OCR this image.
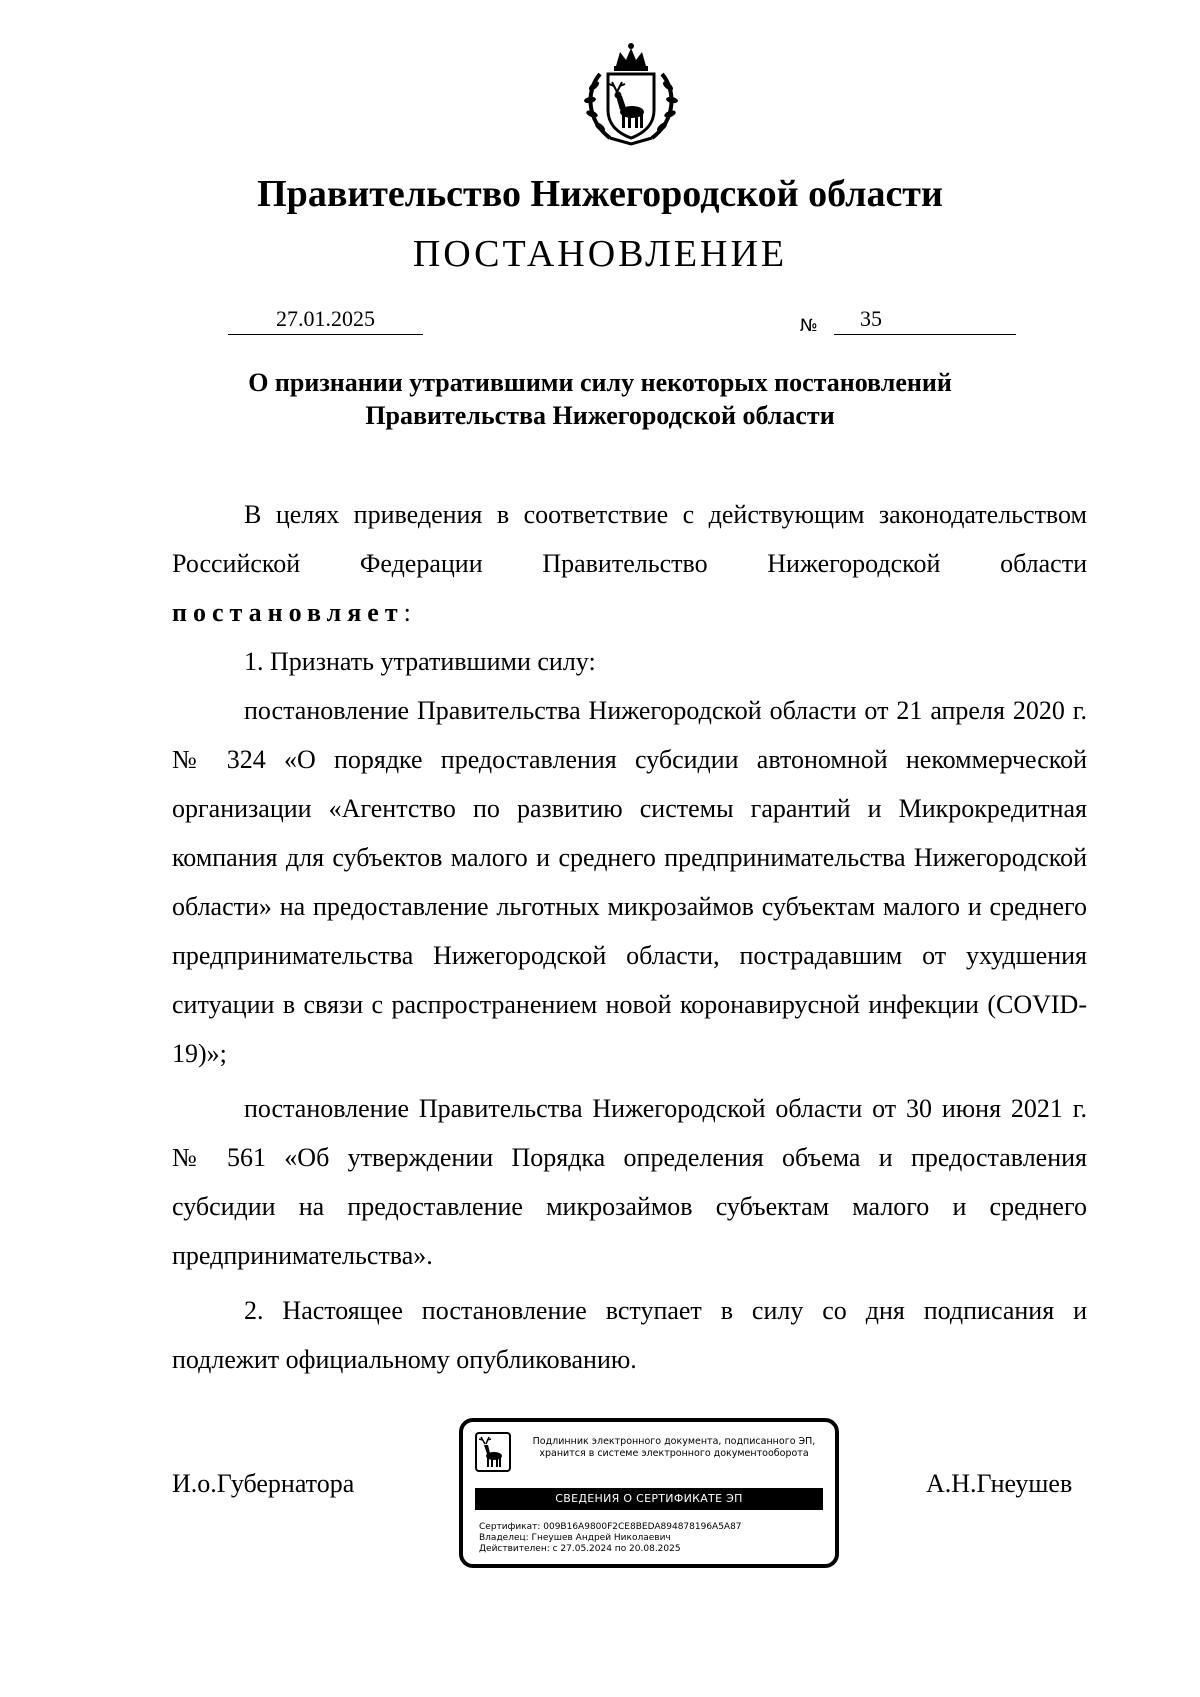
Правительство Нижегородской области
ПОСТАНОВЛЕНИЕ
27.01.2025	№	35
О признании утратившими силу некоторых постановлений
Правительства Нижегородской области

В целях приведения в соответствие с действующим законодательством Российской Федерации Правительство Нижегородской области постановляет:

1. Признать утратившими силу:

постановление Правительства Нижегородской области от 21 апреля 2020 г. № 324 «О порядке предоставления субсидии автономной некоммерческой организации «Агентство по развитию системы гарантий и Микрокредитная компания для субъектов малого и среднего предпринимательства Нижегородской области» на предоставление льготных микрозаймов субъектам малого и среднего предпринимательства Нижегородской области, пострадавшим от ухудшения ситуации в связи с распространением новой коронавирусной инфекции (COVID-19)»;

постановление Правительства Нижегородской области от 30 июня 2021 г. № 561 «Об утверждении Порядка определения объема и предоставления субсидии на предоставление микрозаймов субъектам малого и среднего предпринимательства».

2. Настоящее постановление вступает в силу со дня подписания и подлежит официальному опубликованию.

И.о.Губернатора	А.Н.Гнеушев
Подлинник электронного документа, подписанного ЭП,
хранится в системе электронного документооборота
СВЕДЕНИЯ О СЕРТИФИКАТЕ ЭП
Сертификат: 009B16A9800F2CE8BEDA894878196A5A87
Владелец: Гнеушев Андрей Николаевич
Действителен: с 27.05.2024 по 20.08.2025
